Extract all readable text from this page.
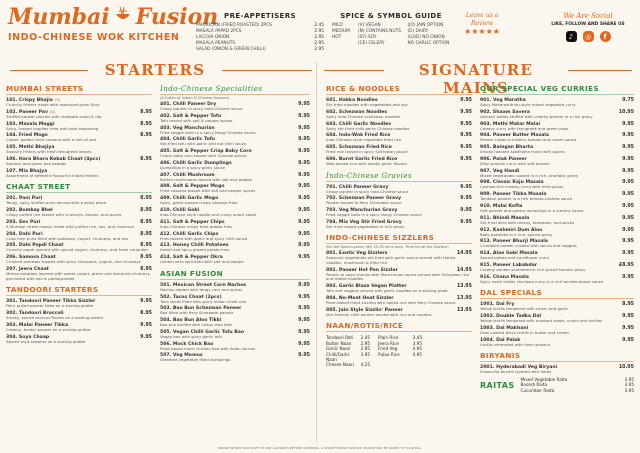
Mumbai Fusion
INDO-CHINESE WOK KITCHEN
PRE-APPETISERS
PARADORN (FRIED ROASTED) 2PCS	2.45
MASALA PAPAD 2PCS	2.95
LACCHA ONION	2.95
MASALA PEANUTS	2.95
SALAD (ONION & GREEN CHILLI)	2.95
SPICE & SYMBOL GUIDE
MILD
MEDIUM
HOT
(V) VEGAN
(N) CONTAINS NUTS
(SY) SOY
(CE) CELERY
(JO) JAIN OPTION
(D) DAIRY
(GOD) NO ONION
NO GARLIC OPTION
Leave us a Review
★★★★★
We Are Social
LIKE, FOLLOW AND SHARE US
♪	◎	f
STARTERS	SIGNATURE MAINS
MUMBAI STREETS
101. Crispy Bhajia (V)
Crunchy fritters made with seasoned gram flour
102. Paneer Pav (D)	8.95
Stuffed paneer parcels with chatpata salad & dip
103. Masala Maggi	8.95
Spicy, tossed noodles fried with bold seasoning
104. Fried Mogo	8.95
Classic golden fried cassava with a hint of salt
105. Methi Bhajiya
Savoury fritters with fresh fenugreek leaves
106. Hara Bhara Kebab Chaat (4pcs)	8.95
Spinach and green pea kebabs
107. Mix Bhajya
Assortment of different flavourful Indian fritters
CHAAT STREET
201. Pani Puri	8.95
Tangy, spicy stuffed puris served with a zesty piece
202. Bombay Bhel	8.95
Crispy puffed rice tossed with chutneys, onions, and spices
203. Sev Puri	8.95
A Mumbai street classic made with puffed rice, sev, and chutneys
204. Dahi Puri	8.95
Crisp mini puris filled with potatoes, yogurt, chutneys, and sev
205. Dahi Papdi Chaat	8.95
Crunchy papdi layered with spiced yogurt, chutneys, and fresh coriander
206. Samosa Chaat	8.95
Crushed samosas topped with spicy chickpeas, yogurt, and chutneys
207. Jeera Chaat	8.95
Mohan potatoes layered with sweet yogurt, green and tamarind chutneys, garnished with sev & pomegranate
TANDOORI STARTERS
301. Tandoori Paneer Tikka Sizzler	9.95
Fiery grilled paneer tikka on a sizzling platter
302. Tandoori Broccoli	8.95
Smoky, spiced broccoli florets on a sizzling platter
303. Malai Paneer Tikka	9.95
Creamy, tender paneer on a sizzling platter
304. Soya Chaap	9.95
Spiced soya skewers on a sizzling platter
Indo-Chinese Specialities
(A fusion of Indian & Chinese flavours)
401. Chilli Paneer Dry	9.95
Crispy paneer in spicy Indo-Chinese sauce
402. Salt & Pepper Tofu	9.95
Tofu tossed with salt & pepper spices
403. Veg Manchurian	9.95
Fried veggie balls in a spicy tangy Chinese sauce
404. Chilli Garlic Tofu	9.95
Stir-fried tofu with garlic and hot chilli sauce
405. Salt & Pepper Crisp Baby Corn	9.95
Crispy baby corn tossed with Chinese spices
406. Chilli Garlic Dumplings	9.95
Dumplings in a spicy garlic sauce
407. Chilli Mushroom	9.95
Button mushrooms tossed with salt and pepper
408. Salt & Pepper Mogo	9.95
Fried cassava tossed with salt and pepper spices
409. Chilli Garlic Mogo	9.95
Spicy, garlic-tossed crispy cassava fries
410. Chilli Gobi	9.95
Indo-Chinese style noodle and crispy snack salad
411. Salt & Pepper Chips	9.95
Indo-Chinese crispy fried potato fries
412. Chilli Garlic Chips	9.95
Fries tossed with garlic and spicy chilli sauce
413. Honey Chilli Potatoes	9.95
Sweet and spicy glazed potato fries
414. Salt & Pepper Okra	9.95
Golden okra sprinkled with salt and pepper
ASIAN FUSION
501. Mexican Street Corn Nachos	9.95
Nachos loaded with tangy corn and spices
502. Tacos Chaat (2pcs)	9.95
Taco shells filled with spicy Indian chaat mix
503. Bao Bun Schezwan Paneer	9.95
Bao filled with fiery Schezwan paneer
504. Bao Bun Aloo Tikki	9.95
Bao bun stuffed with crispy aloo tikki
505. Vegan Chilli Garlic Tofu Bao	9.95
Vegan bao with spicy garlic tofu
506. Mock Chick Bao	9.95
Plant-based mock chicken bao with Asian sauces
507. Veg Momos	9.95
Steamed vegetable filled dumplings
RICE & NOODLES
601. Hakka Noodles	9.95
Stir-fried noodles with vegetables and soy
602. Schezwan Noodles	9.95
Spicy Indo-Chinese schezwan noodles
603. Chilli Garlic Noodles	9.95
Spicy stir-fried chilli garlic Chinese noodles
604. Indo-Wok Fried Rice	9.95
Indo-Chinese style vegetable fried rice
605. Schezwan Fried Rice	9.95
Fried rice tossed in spicy Schezwan sauce
606. Burnt Garlic Fried Rice	9.95
Wok-tossed rice with smoky garlic flavour
Indo-Chinese Gravies
701. Chilli Paneer Gravy	9.95
Crispy paneer in spicy Indo-Chinese sauce
702. Schezwan Paneer Gravy	9.95
Paneer tossed in fiery Schezwan sauce
703. Veg Manchurian Gravy	9.95
Fried veggie balls in a spicy tangy Chinese sauce
704. Mix Veg Stir Fried Gravy	9.95
Stir fried mixed vegetables in rich gravy
INDO-CHINESE SIZZLERS
(for the Spice Lovers! Min 25-30 mins prep. Time for all the Sizzlers)
801. Exotic Veg Sizzlers	14.95
Seasonal vegetables stir-fried with garlic sauce served with Hakka noodles, mushroom & fried rice
802. Paneer Hot Pan Sizzler	14.95
Paneer or soya chunks with Manchurian sauce served with Schezwan rice and Hakka noodles
803. Garlic Blaze Vegan Platter	13.95
Tofu and veggies served with garlic noodles on a sizzling plate
804. No-Meat Heat Sizzler	13.95
Plant-based meat sizzling with hakka rice with fiery Chinese sauce
805. Jain Style Sizzlin' Paneer	13.95
Jain-friendly chilli paneer served with rice and noodles
NAAN/ROTIS/RICE
Tandoori Roti 2.45
Butter Naan 2.95
Garlic Naan 2.95
Chilli/Garlic Naan
3.95
Cheese Naan 4.25
Plain Rice	3.45
Jeera Rice	3.95
Fried Veg	4.95
Pulao Rice	4.95
OUR SPECIAL VEG CURRIES
901. Veg Maratha	9.75
Spicy Maharashtrian-style mixed vegetable curry
902. Shaam Savera	10.95
Spinach koftas stuffed with creamy paneer in a rich gravy
903. Methi Matar Malai	9.95
Creamy curry with fenugreek and green peas
904. Paneer Butter Masala	9.95
Paneer cubes in buttery tomato and cream sauce
905. Baingan Bharta	9.95
Smoky roasted aubergine mash with spices
906. Palak Paneer	9.95
Silky spinach curry with soft paneer
907. Veg Handi	9.95
Mixed vegetables cooked in a rich, aromatic gravy
908. Classic Kaju Masala	9.95
Cashew-rich creamy curry with mild spices
909. Paneer Tikka Masala	9.95
Tandoori paneer in a rich tomato-cashew sauce
910. Malai Kofta	9.95
Soft paneer and potato dumplings in a creamy sauce
911. Bhindi Masala	9.95
Stir-fried okra with onions, tomatoes, and spices
912. Kashmiri Dum Aloo	9.95
Baby potatoes in a rich, spiced gravy
913. Paneer Bhurji Masala	9.95
Crumbled paneer cooked with spices and veggies
914. Aloo Gobi Masala	9.95
Spiced potato and cauliflower curry
915. Paneer Lababdar	£8.95
Creamy paneer simmered in rich spiced tomato gravy
916. Chana Masala	9.95
Spicy north Indian chickpea curry in a rich tomato-based sauce
DAL SPECIALS
1001. Dal Fry	8.95
Yellow lentils tempered with cumin and garlic
1002. Double Tadka Dal	9.95
Yellow lentils tempered with mustard seeds, cumin and chillies
1003. Dal Makhani	9.95
Slow-cooked black lentils in butter and cream
1004. Dal Palak	9.95
Lentils simmered with fresh spinach
BIRYANIS
2001. Hyderabadi Veg Biryani	10.95
Flavourful biryani layered with herbs
RAITAS
Mixed Vegetable Raita	3.95
Boondi Raita	3.95
Cucumber Raita	3.95
PLEASE INFORM OUR STAFF OF ANY ALLERGIES BEFORE ORDERING. A DISCRETIONARY SERVICE CHARGE MAY BE ADDED TO YOUR BILL.
